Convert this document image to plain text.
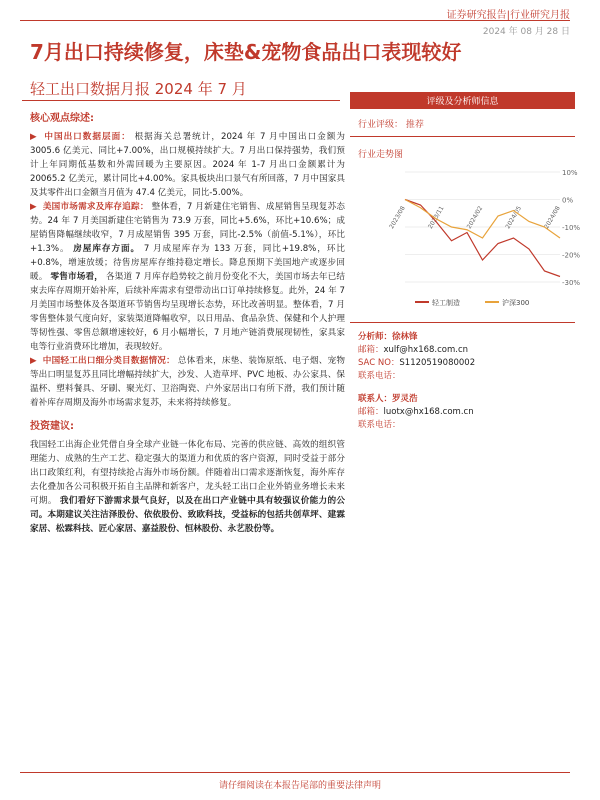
证券研究报告|行业研究月报
2024 年 08 月 28 日
7月出口持续修复，床垫&宠物食品出口表现较好
轻工出口数据月报 2024 年 7 月
核心观点综述:

▶ 中国出口数据层面： 根据海关总署统计，2024 年 7 月中国出口金额为 3005.6 亿美元、同比+7.00%，出口规模持续扩大。7 月出口保持强势，我们预计上年同期低基数和外需回暖为主要原因。2024 年 1-7 月出口金额累计为 20065.2 亿美元，累计同比+4.00%。家具板块出口景气有所回落，7 月中国家具及其零件出口金额当月值为 47.4 亿美元，同比-5.00%。

▶ 美国市场需求及库存追踪： 整体看，7 月新建住宅销售、成屋销售呈现复苏态势。24 年 7 月美国新建住宅销售为 73.9 万套，同比+5.6%，环比+10.6%；成屋销售降幅继续收窄，7 月成屋销售 395 万套，同比-2.5%（前值-5.1%），环比+1.3%。 房屋库存方面。 7 月成屋库存为 133 万套，同比+19.8%，环比+0.8%，增速放缓；待售房屋库存维持稳定增长。降息预期下美国地产或逐步回暖。 零售市场看， 各渠道 7 月库存趋势较之前月份变化不大，美国市场去年已结束去库存周期开始补库，后续补库需求有望带动出口订单持续修复。此外，24 年 7 月美国市场整体及各渠道环节销售均呈现增长态势，环比改善明显。整体看，7 月零售整体景气度向好，家装渠道降幅收窄，以日用品、食品杂货、保健和个人护理等韧性强、零售总额增速较好，6 月小幅增长，7 月地产链消费展现韧性，家具家电等行业消费环比增加，表现较好。

▶ 中国轻工出口细分类目数据情况： 总体看来，床垫、装饰原纸、电子烟、宠物等出口明显复苏且同比增幅持续扩大，沙发、人造草坪、PVC 地板、办公家具、保温杯、塑料餐具、牙刷、聚光灯、卫浴陶瓷、户外家居出口有所下滑，我们预计随着补库存周期及海外市场需求复苏，未来将持续修复。

投资建议:

我国轻工出海企业凭借自身全球产业链一体化布局、完善的供应链、高效的组织管理能力、成熟的生产工艺、稳定强大的渠道力和优质的客户资源，同时受益于部分出口政策红利，有望持续抢占海外市场份额。伴随着出口需求逐渐恢复，海外库存去化叠加各公司积极开拓自主品牌和新客户，龙头轻工出口企业外销业务增长未来可期。 我们看好下游需求景气良好，以及在出口产业链中具有较强议价能力的公司。本期建议关注洁泽股份、依依股份、致欧科技，受益标的包括共创草坪、建霖家居、松霖科技、匠心家居、嘉益股份、恒林股份、永艺股份等。

评级及分析师信息
行业评级： 推荐
行业走势图
10%
0%
-10%
-20%
-30%
2023/08	2023/11	2024/02	2024/05	2024/08
轻工制造	沪深300
分析师：徐林锋
邮箱：xulf@hx168.com.cn
SAC NO：S1120519080002
联系电话：
联系人：罗灵浩
邮箱：luotx@hx168.com.cn
联系电话：
请仔细阅读在本报告尾部的重要法律声明
